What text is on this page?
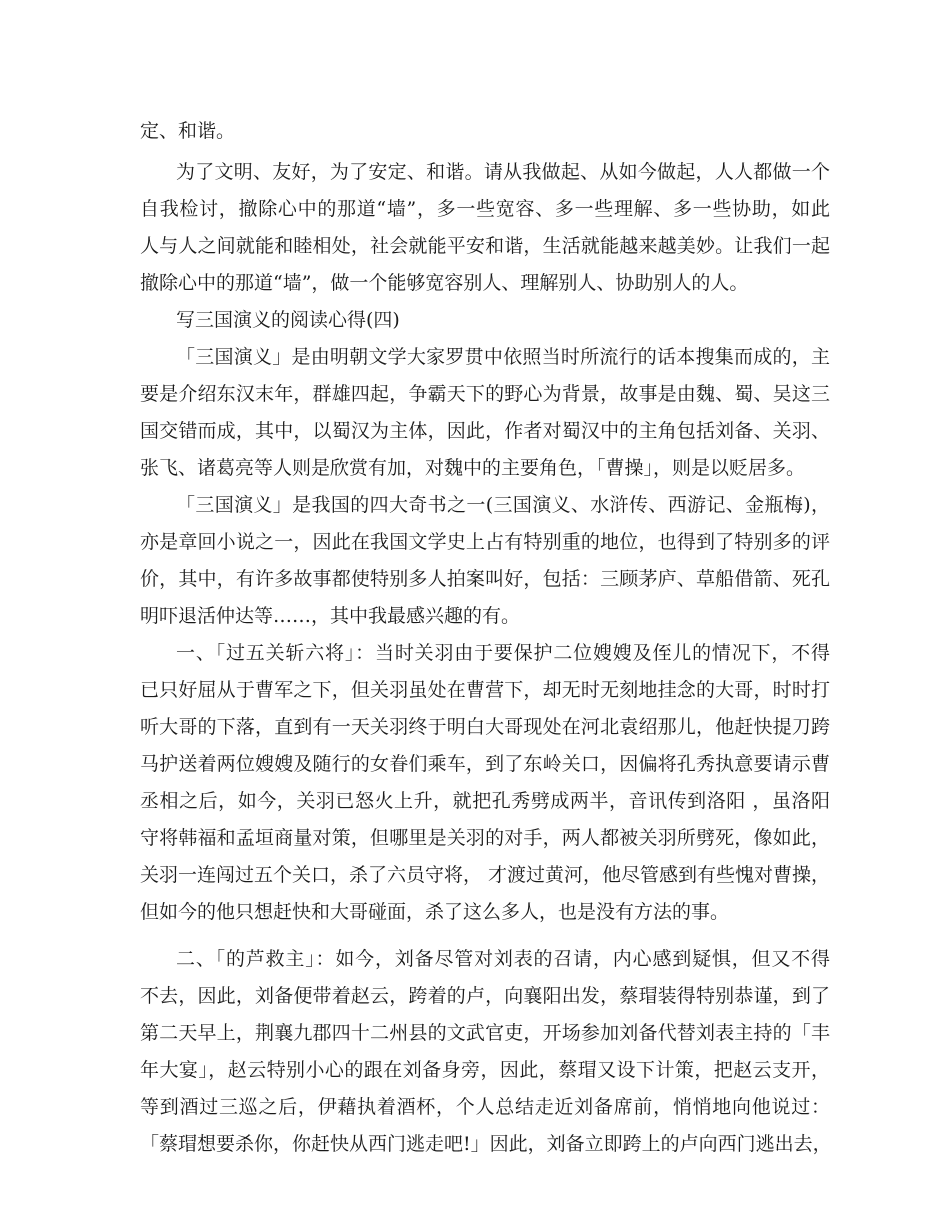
定、和谐。
为了文明、友好，为了安定、和谐。请从我做起、从如今做起，人人都做一个
自我检讨，撤除心中的那道“墙”，多一些宽容、多一些理解、多一些协助，如此
人与人之间就能和睦相处，社会就能平安和谐，生活就能越来越美妙。让我们一起
撤除心中的那道“墙”，做一个能够宽容别人、理解别人、协助别人的人。
写三国演义的阅读心得(四)
「三国演义」是由明朝文学大家罗贯中依照当时所流行的话本搜集而成的，主
要是介绍东汉末年，群雄四起，争霸天下的野心为背景，故事是由魏、蜀、吴这三
国交错而成，其中，以蜀汉为主体，因此，作者对蜀汉中的主角包括刘备、关羽、
张飞、诸葛亮等人则是欣赏有加，对魏中的主要角色，「曹操」，则是以贬居多。
「三国演义」是我国的四大奇书之一(三国演义、水浒传、西游记、金瓶梅)，
亦是章回小说之一，因此在我国文学史上占有特别重的地位，也得到了特别多的评
价，其中，有许多故事都使特别多人拍案叫好，包括：三顾茅庐、草船借箭、死孔
明吓退活仲达等……，其中我最感兴趣的有。
一、「过五关斩六将」：当时关羽由于要保护二位嫂嫂及侄儿的情况下，不得
已只好屈从于曹军之下，但关羽虽处在曹营下，却无时无刻地挂念的大哥，时时打
听大哥的下落，直到有一天关羽终于明白大哥现处在河北袁绍那儿，他赶快提刀跨
马护送着两位嫂嫂及随行的女眷们乘车，到了东岭关口，因偏将孔秀执意要请示曹
丞相之后，如今，关羽已怒火上升，就把孔秀劈成两半，音讯传到洛阳 ，虽洛阳
守将韩福和孟垣商量对策，但哪里是关羽的对手，两人都被关羽所劈死，像如此，
关羽一连闯过五个关口，杀了六员守将， 才渡过黄河，他尽管感到有些愧对曹操，
但如今的他只想赶快和大哥碰面，杀了这么多人，也是没有方法的事。
二、「的芦救主」：如今，刘备尽管对刘表的召请，内心感到疑惧，但又不得
不去，因此，刘备便带着赵云，跨着的卢，向襄阳出发，蔡瑁装得特别恭谨，到了
第二天早上，荆襄九郡四十二州县的文武官吏，开场参加刘备代替刘表主持的「丰
年大宴」，赵云特别小心的跟在刘备身旁，因此，蔡瑁又设下计策，把赵云支开，
等到酒过三巡之后，伊藉执着酒杯，个人总结走近刘备席前，悄悄地向他说过：
「蔡瑁想要杀你，你赶快从西门逃走吧!」因此，刘备立即跨上的卢向西门逃出去，
